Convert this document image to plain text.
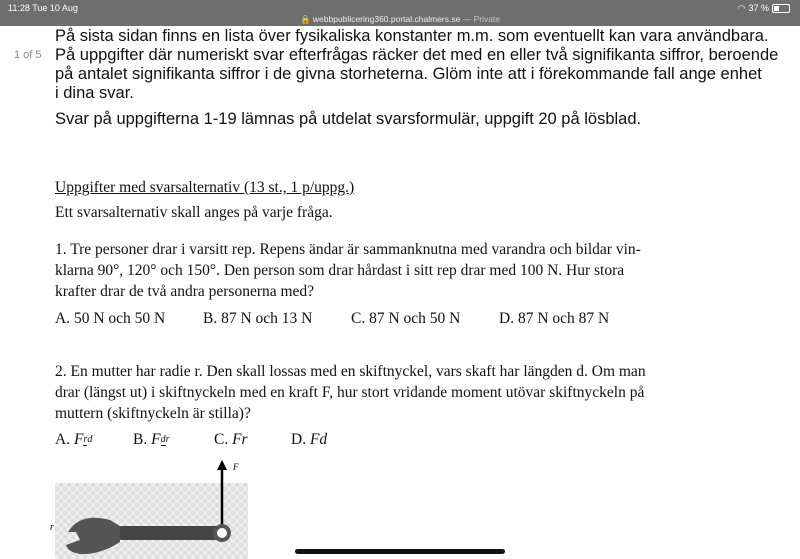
11:28 Tue 10 Aug
🔒 webbpublicering360.portal.chalmers.se — Private
◠ 37 %
På sista sidan finns en lista över fysikaliska konstanter m.m. som eventuellt kan vara användbara.
På uppgifter där numeriskt svar efterfrågas räcker det med en eller två signifikanta siffror, beroende
1 of 5
på antalet signifikanta siffror i de givna storheterna. Glöm inte att i förekommande fall ange enhet
i dina svar.
Svar på uppgifterna 1-19 lämnas på utdelat svarsformulär, uppgift 20 på lösblad.
Uppgifter med svarsalternativ (13 st., 1 p/uppg.)
Ett svarsalternativ skall anges på varje fråga.
1. Tre personer drar i varsitt rep. Repens ändar är sammanknutna med varandra och bildar vin-
klarna 90°, 120° och 150°. Den person som drar hårdast i sitt rep drar med 100 N. Hur stora
krafter drar de två andra personerna med?
A. 50 N och 50 N B. 87 N och 13 N C. 87 N och 50 N D. 87 N och 87 N
2. En mutter har radie r. Den skall lossas med en skiftnyckel, vars skaft har längden d. Om man
drar (längst ut) i skiftnyckeln med en kraft F, hur stort vridande moment utövar skiftnyckeln på
muttern (skiftnyckeln är stilla)?
A. Frd	B. Fdr	C. Fr	D. Fd
F
r
